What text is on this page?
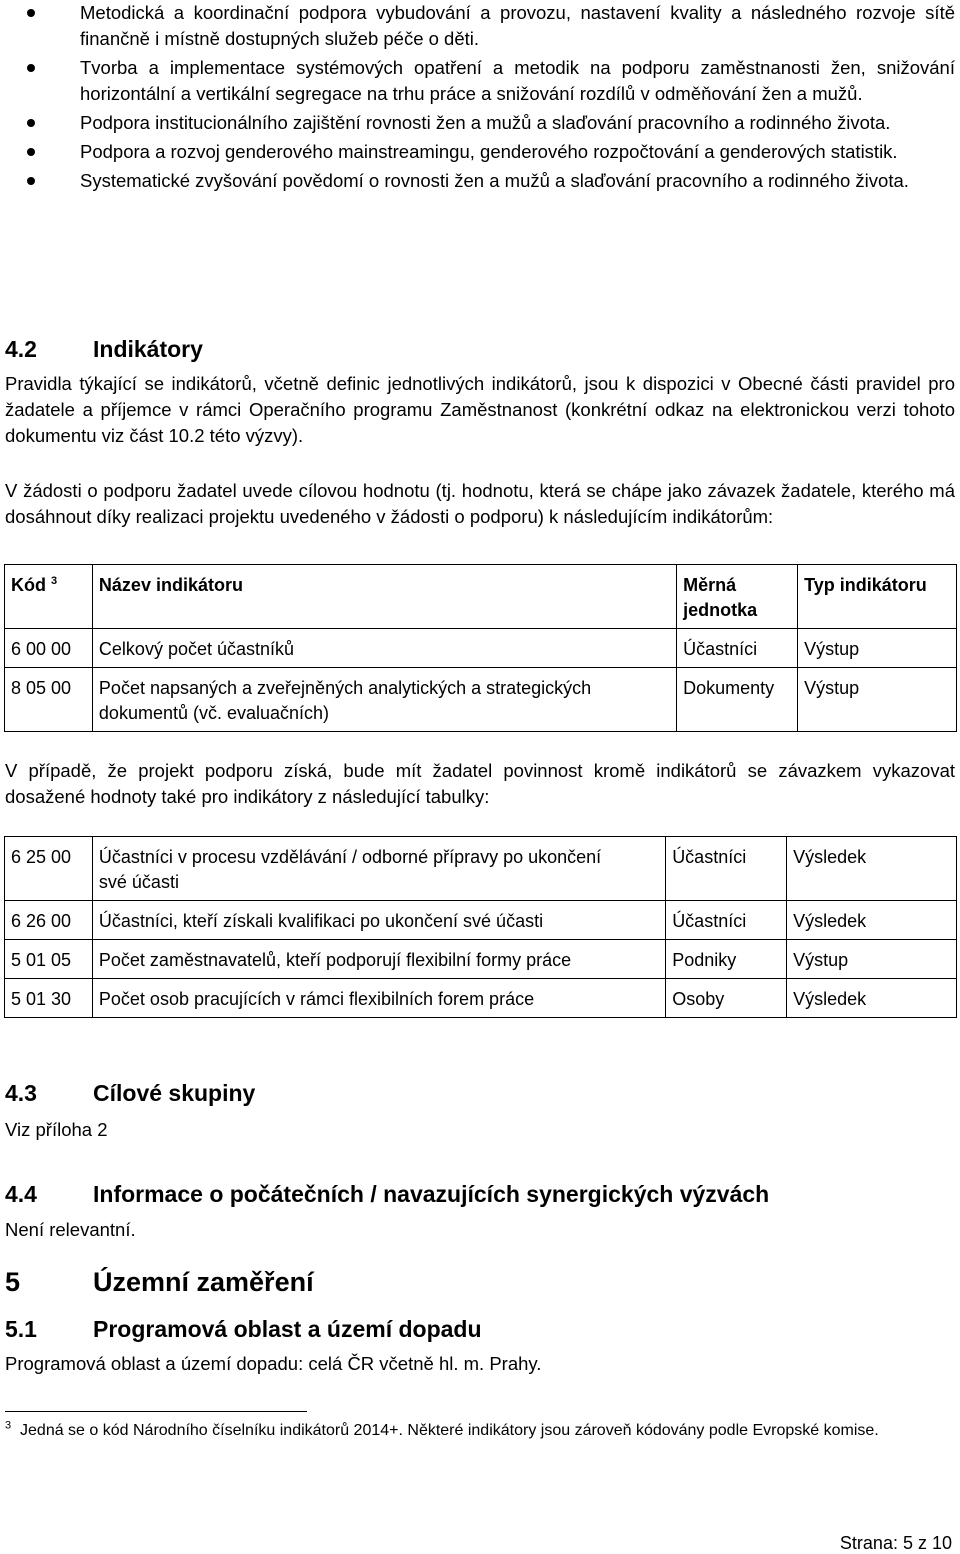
Metodická a koordinační podpora vybudování a provozu, nastavení kvality a následného rozvoje sítě finančně i místně dostupných služeb péče o děti.
Tvorba a implementace systémových opatření a metodik na podporu zaměstnanosti žen, snižování horizontální a vertikální segregace na trhu práce a snižování rozdílů v odměňování žen a mužů.
Podpora institucionálního zajištění rovnosti žen a mužů a slaďování pracovního a rodinného života.
Podpora a rozvoj genderového mainstreamingu, genderového rozpočtování a genderových statistik.
Systematické zvyšování povědomí o rovnosti žen a mužů a slaďování pracovního a rodinného života.
4.2 Indikátory
Pravidla týkající se indikátorů, včetně definic jednotlivých indikátorů, jsou k dispozici v Obecné části pravidel pro žadatele a příjemce v rámci Operačního programu Zaměstnanost (konkrétní odkaz na elektronickou verzi tohoto dokumentu viz část 10.2 této výzvy).
V žádosti o podporu žadatel uvede cílovou hodnotu (tj. hodnotu, která se chápe jako závazek žadatele, kterého má dosáhnout díky realizaci projektu uvedeného v žádosti o podporu) k následujícím indikátorům:
Kód $^3$	Název indikátoru	Měrná jednotka	Typ indikátoru
6 00 00	Celkový počet účastníků	Účastníci	Výstup
8 05 00	Počet napsaných a zveřejněných analytických a strategických dokumentů (vč. evaluačních)	Dokumenty	Výstup
V případě, že projekt podporu získá, bude mít žadatel povinnost kromě indikátorů se závazkem vykazovat dosažené hodnoty také pro indikátory z následující tabulky:
6 25 00	Účastníci v procesu vzdělávání / odborné přípravy po ukončení své účasti	Účastníci	Výsledek
6 26 00	Účastníci, kteří získali kvalifikaci po ukončení své účasti	Účastníci	Výsledek
5 01 05	Počet zaměstnavatelů, kteří podporují flexibilní formy práce	Podniky	Výstup
5 01 30	Počet osob pracujících v rámci flexibilních forem práce	Osoby	Výsledek
4.3 Cílové skupiny
Viz příloha 2
4.4 Informace o počátečních / navazujících synergických výzvách
Není relevantní.
5	Územní zaměření
5.1 Programová oblast a území dopadu
Programová oblast a území dopadu: celá ČR včetně hl. m. Prahy.
$^3$ Jedná se o kód Národního číselníku indikátorů 2014+. Některé indikátory jsou zároveň kódovány podle Evropské komise.
Strana: 5 z 10
